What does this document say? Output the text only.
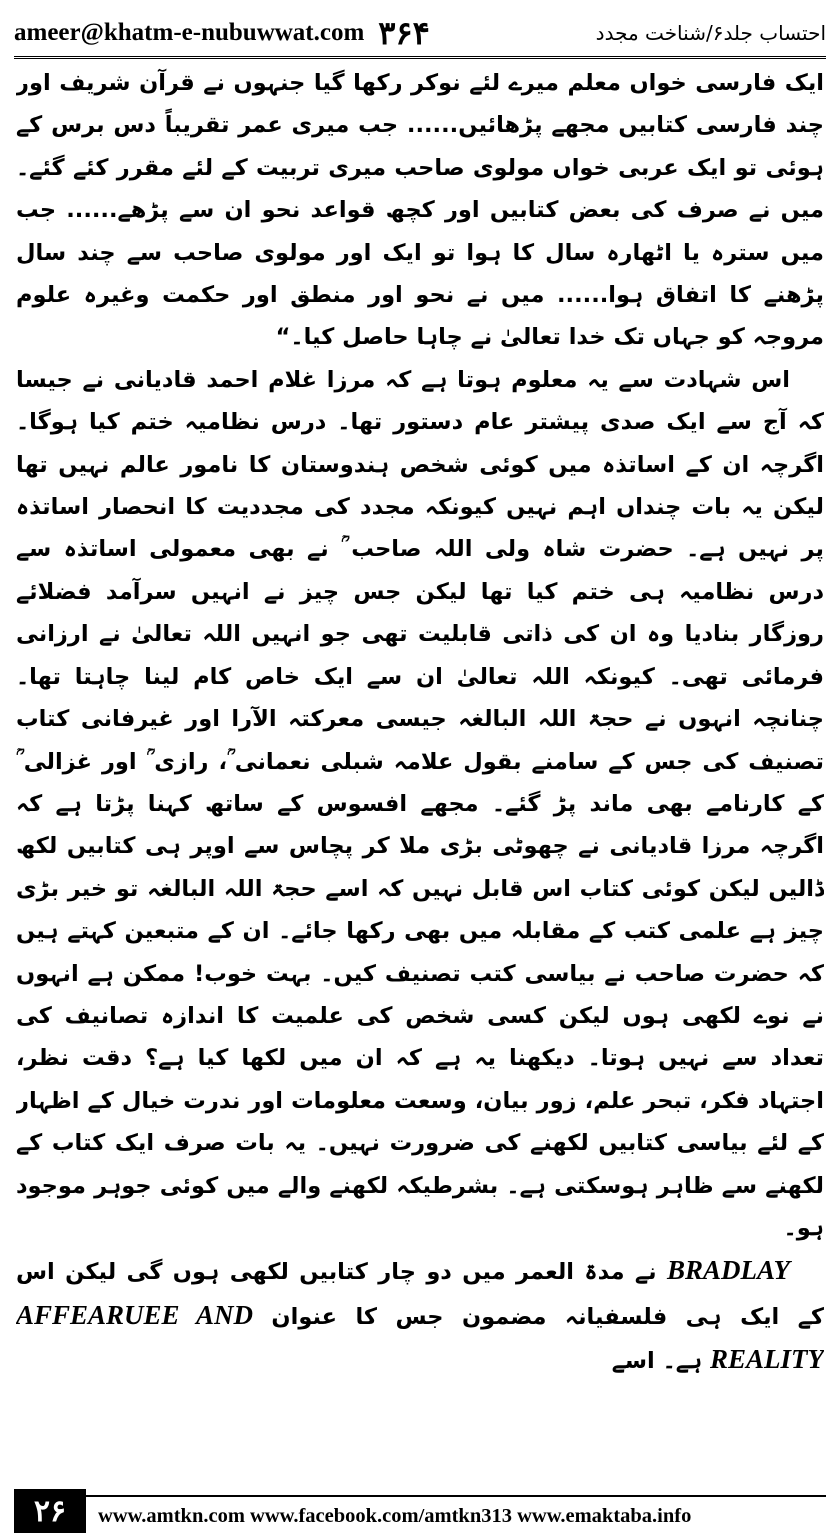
ameer@khatm-e-nubuwwat.com ۳۶۴	احتساب جلد۶/شناخت مجدد

ایک فارسی خواں معلم میرے لئے نوکر رکھا گیا جنہوں نے قرآن شریف اور چند فارسی کتابیں مجھے پڑھائیں...... جب میری عمر تقریباً دس برس کے ہوئی تو ایک عربی خواں مولوی صاحب میری تربیت کے لئے مقرر کئے گئے۔ میں نے صرف کی بعض کتابیں اور کچھ قواعد نحو ان سے پڑھے...... جب میں سترہ یا اٹھارہ سال کا ہوا تو ایک اور مولوی صاحب سے چند سال پڑھنے کا اتفاق ہوا...... میں نے نحو اور منطق اور حکمت وغیرہ علوم مروجہ کو جہاں تک خدا تعالیٰ نے چاہا حاصل کیا۔“

اس شہادت سے یہ معلوم ہوتا ہے کہ مرزا غلام احمد قادیانی نے جیسا کہ آج سے ایک صدی پیشتر عام دستور تھا۔ درس نظامیہ ختم کیا ہوگا۔ اگرچہ ان کے اساتذہ میں کوئی شخص ہندوستان کا نامور عالم نہیں تھا لیکن یہ بات چنداں اہم نہیں کیونکہ مجدد کی مجددیت کا انحصار اساتذہ پر نہیں ہے۔ حضرت شاہ ولی اللہ صاحب ؒ نے بھی معمولی اساتذہ سے درس نظامیہ ہی ختم کیا تھا لیکن جس چیز نے انہیں سرآمد فضلائے روزگار بنادیا وہ ان کی ذاتی قابلیت تھی جو انہیں اللہ تعالیٰ نے ارزانی فرمائی تھی۔ کیونکہ اللہ تعالیٰ ان سے ایک خاص کام لینا چاہتا تھا۔ چنانچہ انہوں نے حجۃ اللہ البالغہ جیسی معرکتہ الآرا اور غیرفانی کتاب تصنیف کی جس کے سامنے بقول علامہ شبلی نعمانی ؒ، رازی ؒ اور غزالی ؒ کے کارنامے بھی ماند پڑ گئے۔ مجھے افسوس کے ساتھ کہنا پڑتا ہے کہ اگرچہ مرزا قادیانی نے چھوٹی بڑی ملا کر پچاس سے اوپر ہی کتابیں لکھ ڈالیں لیکن کوئی کتاب اس قابل نہیں کہ اسے حجۃ اللہ البالغہ تو خیر بڑی چیز ہے علمی کتب کے مقابلہ میں بھی رکھا جائے۔ ان کے متبعین کہتے ہیں کہ حضرت صاحب نے بیاسی کتب تصنیف کیں۔ بہت خوب! ممکن ہے انہوں نے نوے لکھی ہوں لیکن کسی شخص کی علمیت کا اندازہ تصانیف کی تعداد سے نہیں ہوتا۔ دیکھنا یہ ہے کہ ان میں لکھا کیا ہے؟ دقت نظر، اجتہاد فکر، تبحر علم، زور بیان، وسعت معلومات اور ندرت خیال کے اظہار کے لئے بیاسی کتابیں لکھنے کی ضرورت نہیں۔ یہ بات صرف ایک کتاب کے لکھنے سے ظاہر ہوسکتی ہے۔ بشرطیکہ لکھنے والے میں کوئی جوہر موجود ہو۔

BRADLAY نے مدۃ العمر میں دو چار کتابیں لکھی ہوں گی لیکن اس کے ایک ہی فلسفیانہ مضمون جس کا عنوان AFFEARUEE AND REALITY ہے۔ اسے

۲۶	www.amtkn.com www.facebook.com/amtkn313 www.emaktaba.info
